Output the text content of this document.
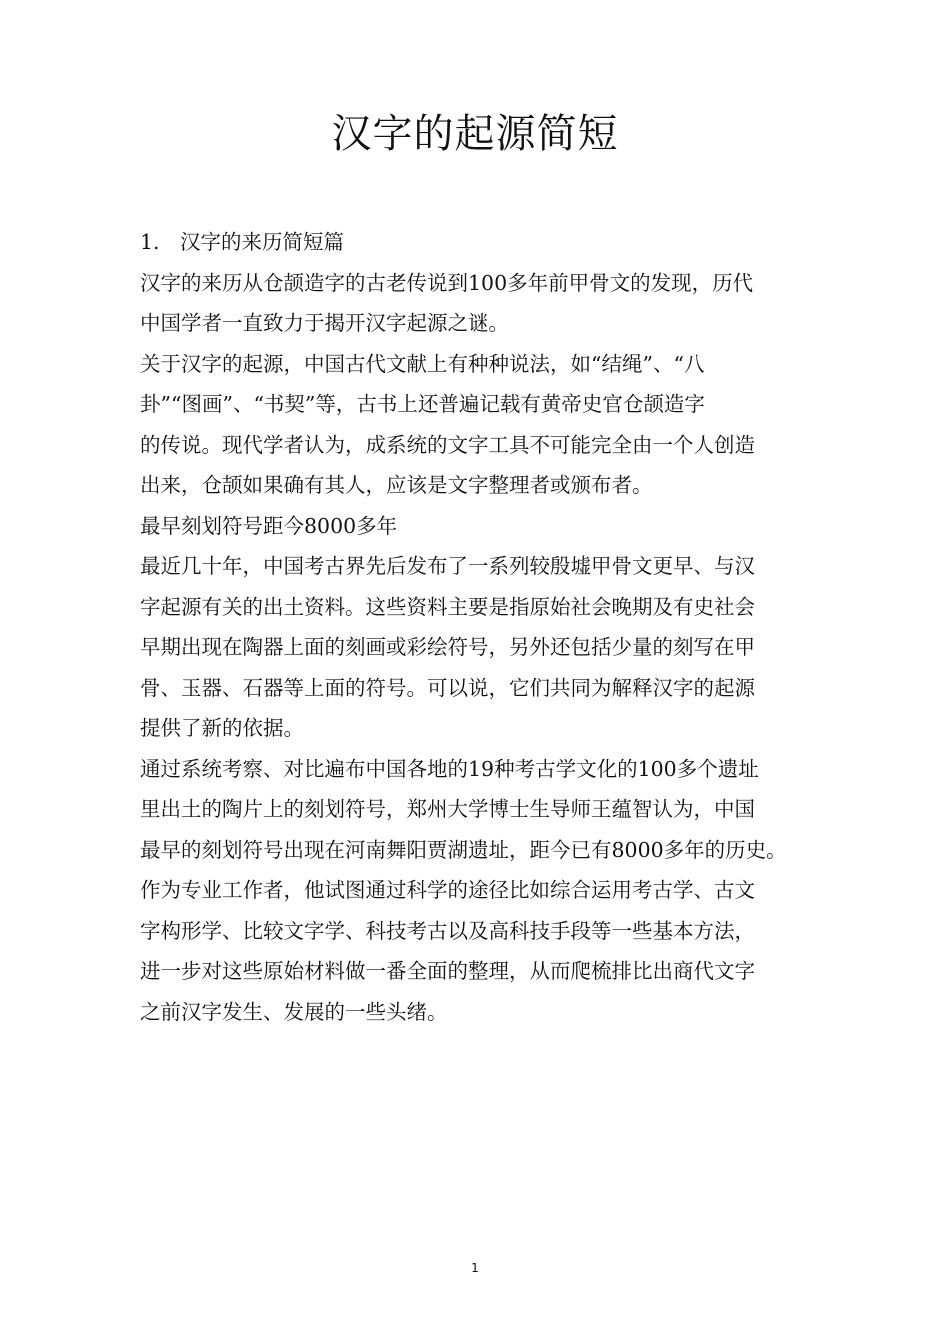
汉字的起源简短
1. 汉字的来历简短篇
汉字的来历从仓颉造字的古老传说到100多年前甲骨文的发现，历代
中国学者一直致力于揭开汉字起源之谜。
关于汉字的起源，中国古代文献上有种种说法，如“结绳”、“八
卦”“图画”、“书契”等，古书上还普遍记载有黄帝史官仓颉造字
的传说。现代学者认为，成系统的文字工具不可能完全由一个人创造
出来，仓颉如果确有其人，应该是文字整理者或颁布者。
最早刻划符号距今8000多年
最近几十年，中国考古界先后发布了一系列较殷墟甲骨文更早、与汉
字起源有关的出土资料。这些资料主要是指原始社会晚期及有史社会
早期出现在陶器上面的刻画或彩绘符号，另外还包括少量的刻写在甲
骨、玉器、石器等上面的符号。可以说，它们共同为解释汉字的起源
提供了新的依据。
通过系统考察、对比遍布中国各地的19种考古学文化的100多个遗址
里出土的陶片上的刻划符号，郑州大学博士生导师王蕴智认为，中国
最早的刻划符号出现在河南舞阳贾湖遗址，距今已有8000多年的历史。
作为专业工作者，他试图通过科学的途径比如综合运用考古学、古文
字构形学、比较文字学、科技考古以及高科技手段等一些基本方法，
进一步对这些原始材料做一番全面的整理，从而爬梳排比出商代文字
之前汉字发生、发展的一些头绪。
1
